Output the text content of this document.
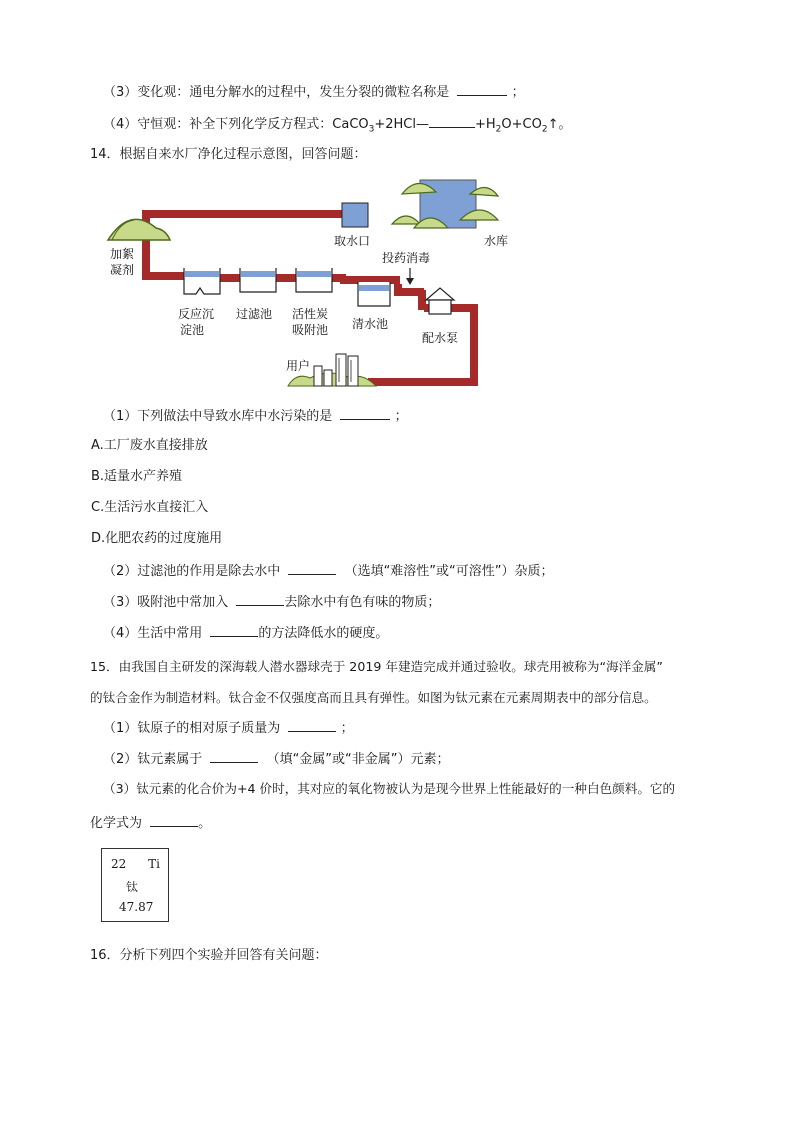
（3）变化观：通电分解水的过程中，发生分裂的微粒名称是	；
（4）守恒观：补全下列化学反方程式：CaCO$_3$+2HCl—	$+H_2O+CO_2↑$。
14．根据自来水厂净化过程示意图，回答问题：
取水口	水库
加絮
凝剂
投药消毒
反应沉
淀池
过滤池 活性炭
吸附池 清水池
配水泵
用户
（1）下列做法中导致水库中水污染的是	；
A.工厂废水直接排放
B.适量水产养殖
C.生活污水直接汇入
D.化肥农药的过度施用
（2）过滤池的作用是除去水中	（选填“难溶性”或“可溶性”）杂质；
（3）吸附池中常加入	去除水中有色有味的物质；
（4）生活中常用	的方法降低水的硬度。
15．由我国自主研发的深海载人潜水器球壳于 2019 年建造完成并通过验收。球壳用被称为“海洋金属”
的钛合金作为制造材料。钛合金不仅强度高而且具有弹性。如图为钛元素在元素周期表中的部分信息。
（1）钛原子的相对原子质量为	；
（2）钛元素属于	（填“金属”或“非金属”）元素；
（3）钛元素的化合价为+4 价时，其对应的氧化物被认为是现今世界上性能最好的一种白色颜料。它的
化学式为	。
22 Ti
钛
47.87
16．分析下列四个实验并回答有关问题：
